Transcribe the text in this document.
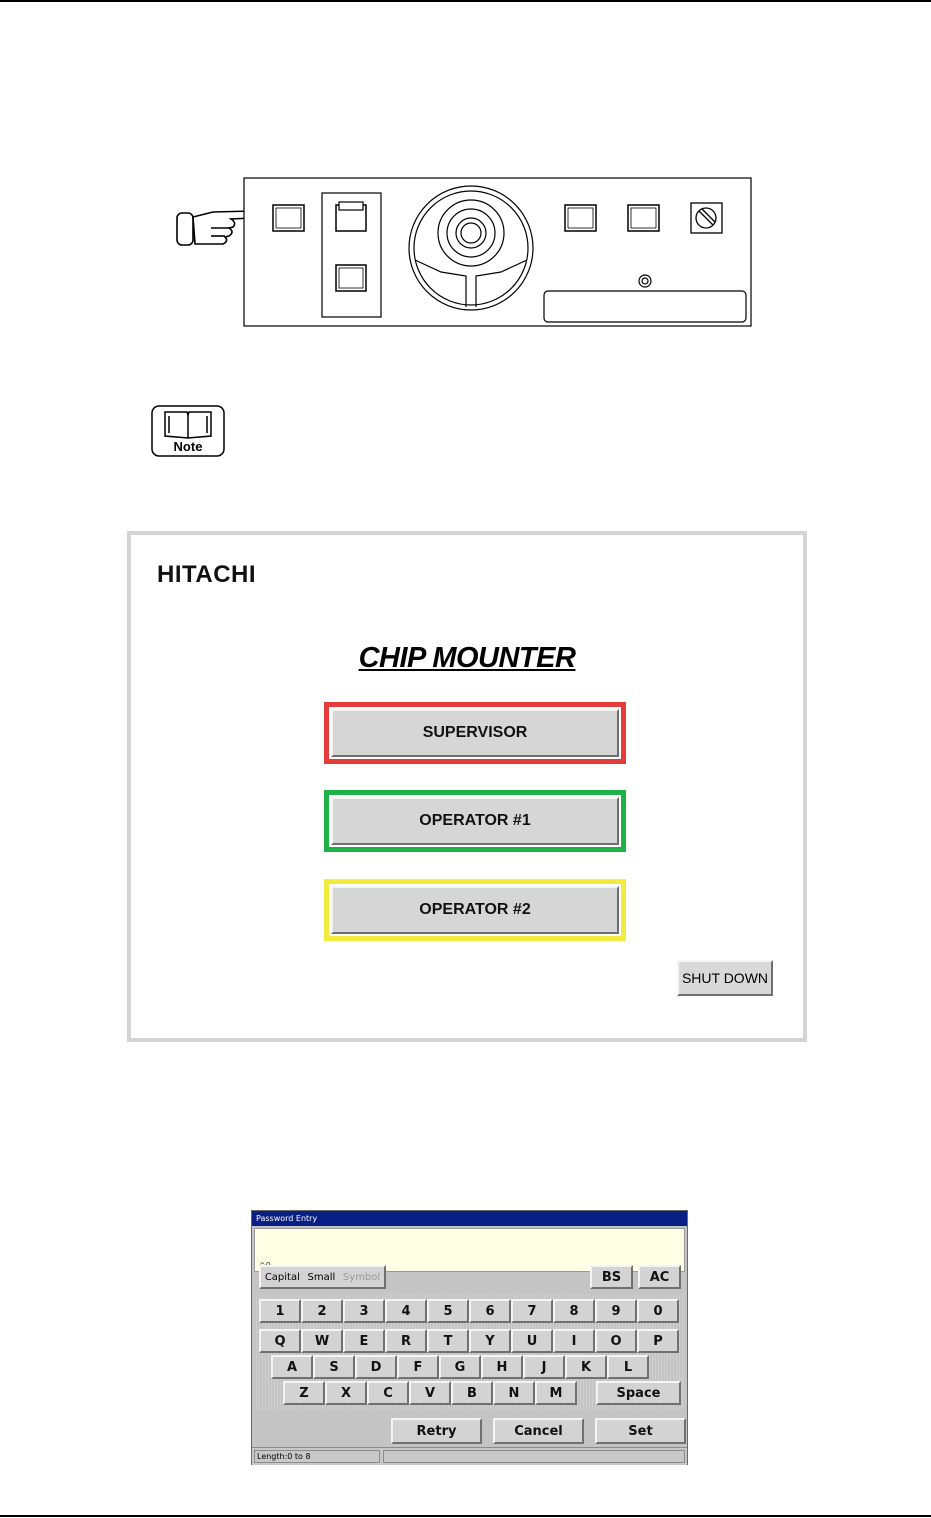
Note
HITACHI
CHIP MOUNTER
SUPERVISOR
OPERATOR #1
OPERATOR #2
SHUT DOWN
Password Entry
Capital Small Symbol	BS	AC
1	2	3	4	5	6	7	8	9	0
Q	W	E	R	T	Y	U	I	O	P
A	S	D	F	G	H	J	K	L
Z	X	C	V	B	N	M	Space
Retry	Cancel	Set
Length:0 to 8
